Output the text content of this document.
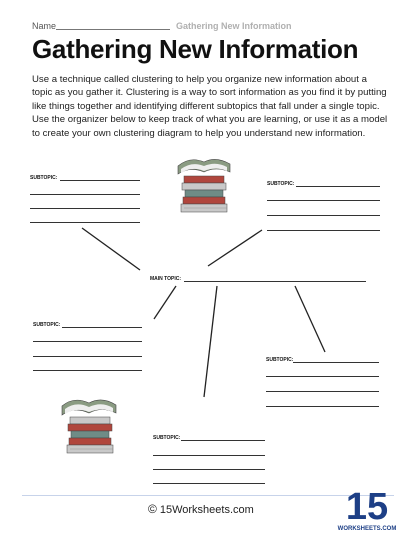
Name	Gathering New Information
Gathering New Information
Use a technique called clustering to help you organize new information about a topic as you gather it. Clustering is a way to sort information as you find it by putting like things together and identifying different subtopics that fall under a single topic. Use the organizer below to keep track of what you are learning, or use it as a model to create your own clustering diagram to help you understand new information.
SUBTOPIC:
SUBTOPIC:
MAIN TOPIC:
SUBTOPIC:
SUBTOPIC:
SUBTOPIC:
© 15Worksheets.com 15
WORKSHEETS.COM
